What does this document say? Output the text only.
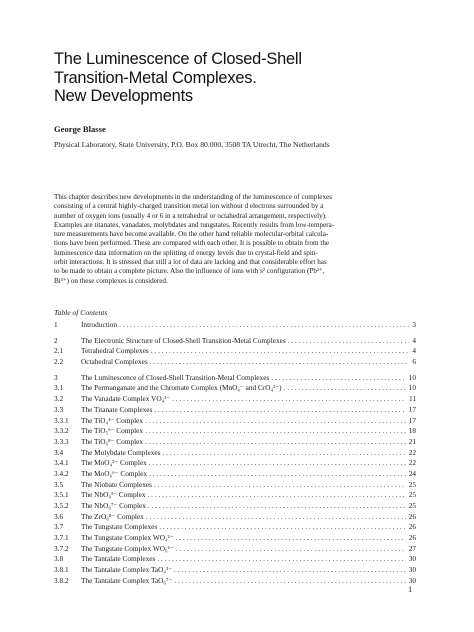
The Luminescence of Closed-Shell
Transition-Metal Complexes.
New Developments
George Blasse
Physical Laboratory, State University, P.O. Box 80.000, 3508 TA Utrecht, The Netherlands
This chapter describes new developments in the understanding of the luminescence of complexes
consisting of a central highly-charged transition metal ion without d electrons surrounded by a
number of oxygen ions (usually 4 or 6 in a tetrahedral or octahedral arrangement, respectively).
Examples are titanates, vanadates, molybdates and tungstates. Recently results from low-tempera-
ture measurements have become available. On the other hand reliable molecular-orbital calcula-
tions have been performed. These are compared with each other. It is possible to obtain from the
luminescence data information on the splitting of energy levels due to crystal-field and spin-
orbit interactions. It is stressed that still a lot of data are lacking and that considerable effort has
to be made to obtain a complete picture. Also the influence of ions with s² configuration (Pb²⁺,
Bi³⁺) on these complexes is considered.
Table of Contents
1	Introduction . . .	3
2	The Electronic Structure of Closed-Shell Transition-Metal Complexes . . .	4
2.1	Tetrahedral Complexes . . .	4
2.2	Octahedral Complexes . . .	6
3	The Luminescence of Closed-Shell Transition-Metal Complexes . . .	10
3.1	The Permanganate and the Chromate Complex (MnO₄⁻ and CrO₄²⁻) . . .	10
3.2	The Vanadate Complex VO₄³⁻ . . .	11
3.3	The Titanate Complexes . . .	17
3.3.1	The TiO₄⁴⁻ Complex . . .	17
3.3.2	The TiO₅⁶⁻ Complex . . .	18
3.3.3	The TiO₆⁸⁻ Complex . . .	21
3.4	The Molybdate Complexes . . .	22
3.4.1	The MoO₄²⁻ Complex . . .	22
3.4.2	The MoO₆⁶⁻ Complex . . .	24
3.5	The Niobate Complexes . . .	25
3.5.1	The NbO₄³⁻ Complex . . .	25
3.5.2	The NbO₆⁷⁻ Complex . . .	25
3.6	The ZrO₆⁸⁻ Complex . . .	26
3.7	The Tungstate Complexes . . .	26
3.7.1	The Tungstate Complex WO₄²⁻ . . .	26
3.7.2	The Tungstate Complex WO₆⁶⁻ . . .	27
3.8	The Tantalate Complexes . . .	30
3.8.1	The Tantalate Complex TaO₄³⁻ . . .	30
3.8.2	The Tantalate Complex TaO₆⁷⁻ . . .	30
1
